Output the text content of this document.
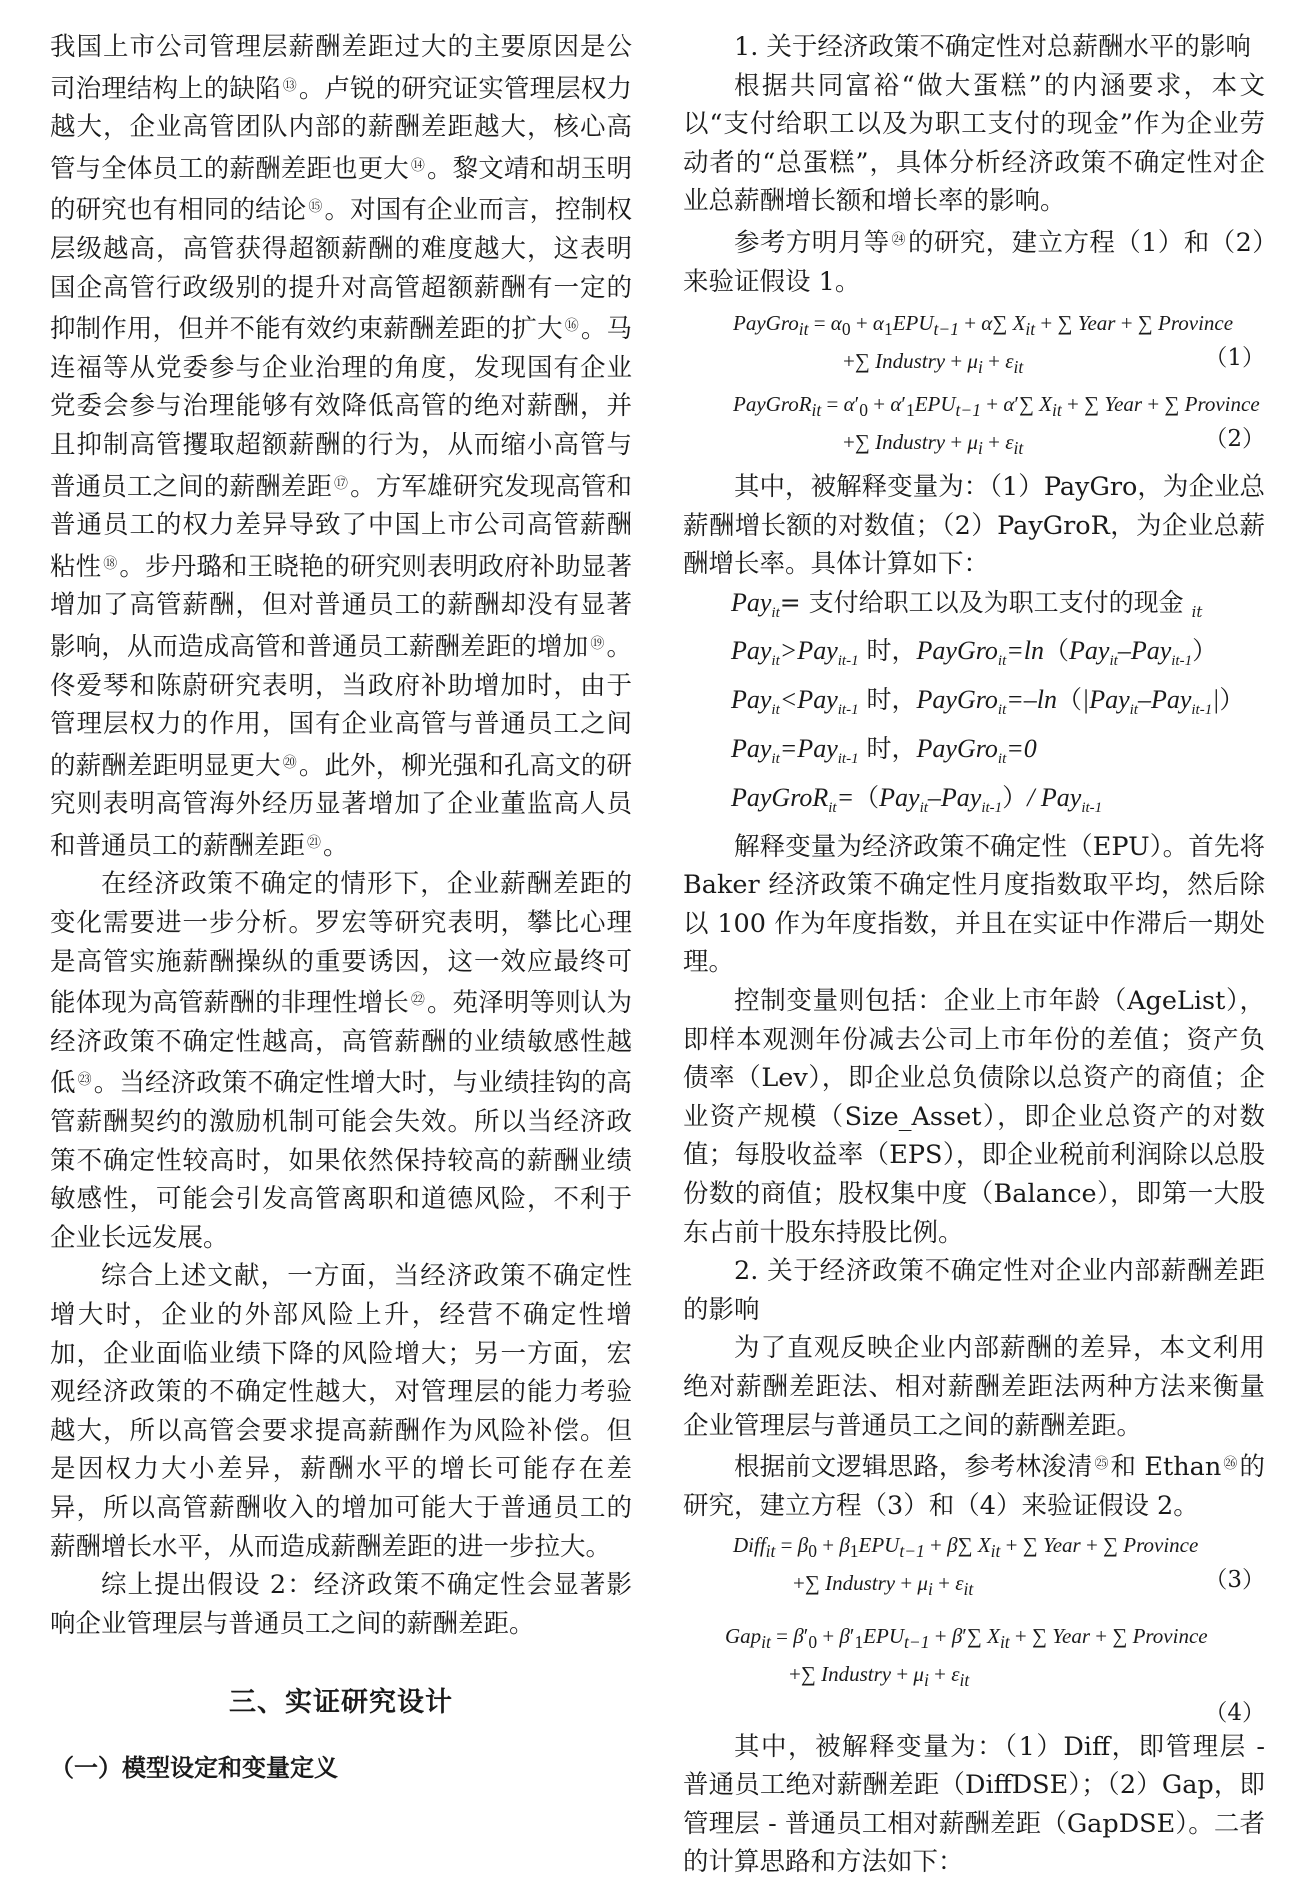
我国上市公司管理层薪酬差距过大的主要原因是公司治理结构上的缺陷 ⑬。卢锐的研究证实管理层权力越大，企业高管团队内部的薪酬差距越大，核心高管与全体员工的薪酬差距也更大 ⑭。黎文靖和胡玉明的研究也有相同的结论 ⑮。对国有企业而言，控制权层级越高，高管获得超额薪酬的难度越大，这表明国企高管行政级别的提升对高管超额薪酬有一定的抑制作用，但并不能有效约束薪酬差距的扩大 ⑯。马连福等从党委参与企业治理的角度，发现国有企业党委会参与治理能够有效降低高管的绝对薪酬，并且抑制高管攫取超额薪酬的行为，从而缩小高管与普通员工之间的薪酬差距 ⑰。方军雄研究发现高管和普通员工的权力差异导致了中国上市公司高管薪酬粘性 ⑱。步丹璐和王晓艳的研究则表明政府补助显著增加了高管薪酬，但对普通员工的薪酬却没有显著影响，从而造成高管和普通员工薪酬差距的增加 ⑲。佟爱琴和陈蔚研究表明，当政府补助增加时，由于管理层权力的作用，国有企业高管与普通员工之间的薪酬差距明显更大 ⑳。此外，柳光强和孔高文的研究则表明高管海外经历显著增加了企业董监高人员和普通员工的薪酬差距 $^㉑$。

在经济政策不确定的情形下，企业薪酬差距的变化需要进一步分析。罗宏等研究表明，攀比心理是高管实施薪酬操纵的重要诱因，这一效应最终可能体现为高管薪酬的非理性增长 $^㉒$。苑泽明等则认为经济政策不确定性越高，高管薪酬的业绩敏感性越低 $^㉓$。当经济政策不确定性增大时，与业绩挂钩的高管薪酬契约的激励机制可能会失效。所以当经济政策不确定性较高时，如果依然保持较高的薪酬业绩敏感性，可能会引发高管离职和道德风险，不利于企业长远发展。

综合上述文献，一方面，当经济政策不确定性增大时，企业的外部风险上升，经营不确定性增加，企业面临业绩下降的风险增大；另一方面，宏观经济政策的不确定性越大，对管理层的能力考验越大，所以高管会要求提高薪酬作为风险补偿。但是因权力大小差异，薪酬水平的增长可能存在差异，所以高管薪酬收入的增加可能大于普通员工的薪酬增长水平，从而造成薪酬差距的进一步拉大。

综上提出假设 2：经济政策不确定性会显著影响企业管理层与普通员工之间的薪酬差距。

三、实证研究设计
（一）模型设定和变量定义

1. 关于经济政策不确定性对总薪酬水平的影响

根据共同富裕“做大蛋糕”的内涵要求，本文以“支付给职工以及为职工支付的现金”作为企业劳动者的“总蛋糕”，具体分析经济政策不确定性对企业总薪酬增长额和增长率的影响。

参考方明月等 $^㉔$的研究，建立方程（1）和（2）来验证假设 1。

PayGro$_{it}$ = $\alpha_0 + \alpha_1EPU_{t-1} + \alpha\sum$ $X_{it}$ + ∑ Year + ∑ Province
+∑ Industry + $\mu_i + \varepsilon_{it}$	（1）
PayGroR$_{it}$ = $\alpha'_0 + \alpha'_1EPU_{t-1} + \alpha'\sum$ $X_{it}$ + ∑ Year + ∑ Province
+∑ Industry + $\mu_i + \varepsilon_{it}$	（2）

其中，被解释变量为：（1）PayGro，为企业总薪酬增长额的对数值；（2）PayGroR，为企业总薪酬增长率。具体计算如下：

Pay$_{it}$= 支付给职工以及为职工支付的现金 $_{it}$

Pay$_{it}$>Pay$_{it-1}$ 时，PayGro$_{it}$=ln（Pay$_{it}$–Pay$_{it-1}$）

Pay$_{it}$<Pay$_{it-1}$ 时，PayGro$_{it}$=–ln（|Pay$_{it}$–Pay$_{it-1}$|）

Pay$_{it}$=Pay$_{it-1}$ 时，PayGro$_{it}$=0

PayGroR$_{it}$=（Pay$_{it}$–Pay$_{it-1}$）/ Pay$_{it-1}$

解释变量为经济政策不确定性（EPU）。首先将 Baker 经济政策不确定性月度指数取平均，然后除以 100 作为年度指数，并且在实证中作滞后一期处理。

控制变量则包括：企业上市年龄（AgeList），即样本观测年份减去公司上市年份的差值；资产负债率（Lev），即企业总负债除以总资产的商值；企业资产规模（Size_Asset），即企业总资产的对数值；每股收益率（EPS），即企业税前利润除以总股份数的商值；股权集中度（Balance），即第一大股东占前十股东持股比例。

2. 关于经济政策不确定性对企业内部薪酬差距的影响

为了直观反映企业内部薪酬的差异，本文利用绝对薪酬差距法、相对薪酬差距法两种方法来衡量企业管理层与普通员工之间的薪酬差距。

根据前文逻辑思路，参考林浚清 $^㉕$和 Ethan $^㉖$的研究，建立方程（3）和（4）来验证假设 2。

Diff$_{it}$ = $\beta_0 + \beta_1EPU_{t-1} + \beta\sum$ $X_{it}$ + ∑ Year + ∑ Province
+∑ Industry + $\mu_i + \varepsilon_{it}$	（3）
$Gap_{it} = \beta'_0 + \beta'_1EPU_{t-1} + \beta'\sum$ $X_{it}$ + ∑ Year + ∑ Province
+∑ Industry + $\mu_i + \varepsilon_{it}$
（4）

其中，被解释变量为：（1）Diff，即管理层 - 普通员工绝对薪酬差距（DiffDSE）；（2）Gap，即管理层 - 普通员工相对薪酬差距（GapDSE）。二者的计算思路和方法如下：
